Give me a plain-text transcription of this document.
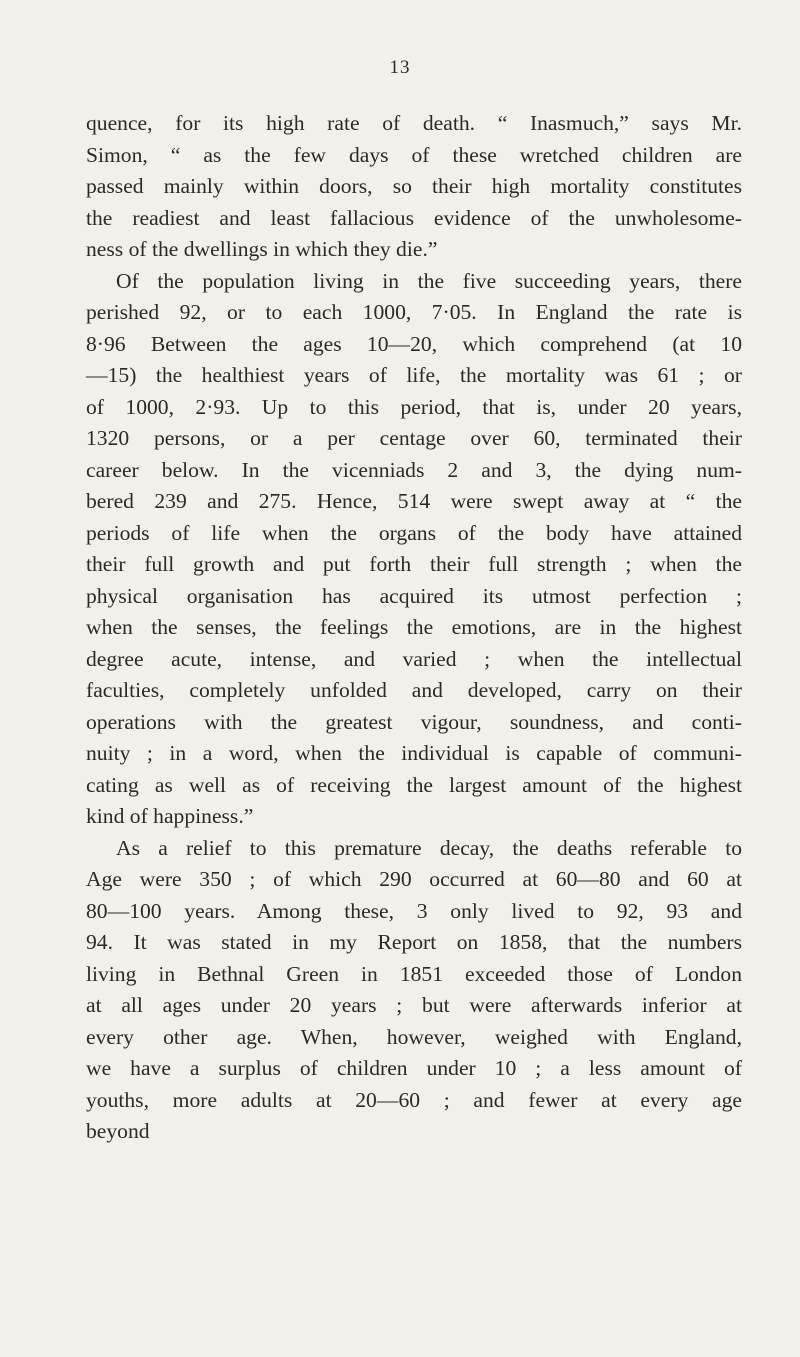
13

quence, for its high rate of death. “ Inasmuch,” says Mr.
Simon, “ as the few days of these wretched children are
passed mainly within doors, so their high mortality constitutes
the readiest and least fallacious evidence of the unwholesome-
ness of the dwellings in which they die.”

Of the population living in the five succeeding years, there
perished 92, or to each 1000, 7·05. In England the rate is
8·96 Between the ages 10—20, which comprehend (at 10
—15) the healthiest years of life, the mortality was 61 ; or
of 1000, 2·93. Up to this period, that is, under 20 years,
1320 persons, or a per centage over 60, terminated their
career below. In the vicenniads 2 and 3, the dying num-
bered 239 and 275. Hence, 514 were swept away at “ the
periods of life when the organs of the body have attained
their full growth and put forth their full strength ; when the
physical organisation has acquired its utmost perfection ;
when the senses, the feelings the emotions, are in the highest
degree acute, intense, and varied ; when the intellectual
faculties, completely unfolded and developed, carry on their
operations with the greatest vigour, soundness, and conti-
nuity ; in a word, when the individual is capable of communi-
cating as well as of receiving the largest amount of the highest
kind of happiness.”

As a relief to this premature decay, the deaths referable to
Age were 350 ; of which 290 occurred at 60—80 and 60 at
80—100 years. Among these, 3 only lived to 92, 93 and
94. It was stated in my Report on 1858, that the numbers
living in Bethnal Green in 1851 exceeded those of London
at all ages under 20 years ; but were afterwards inferior at
every other age. When, however, weighed with England,
we have a surplus of children under 10 ; a less amount of
youths, more adults at 20—60 ; and fewer at every age
beyond
